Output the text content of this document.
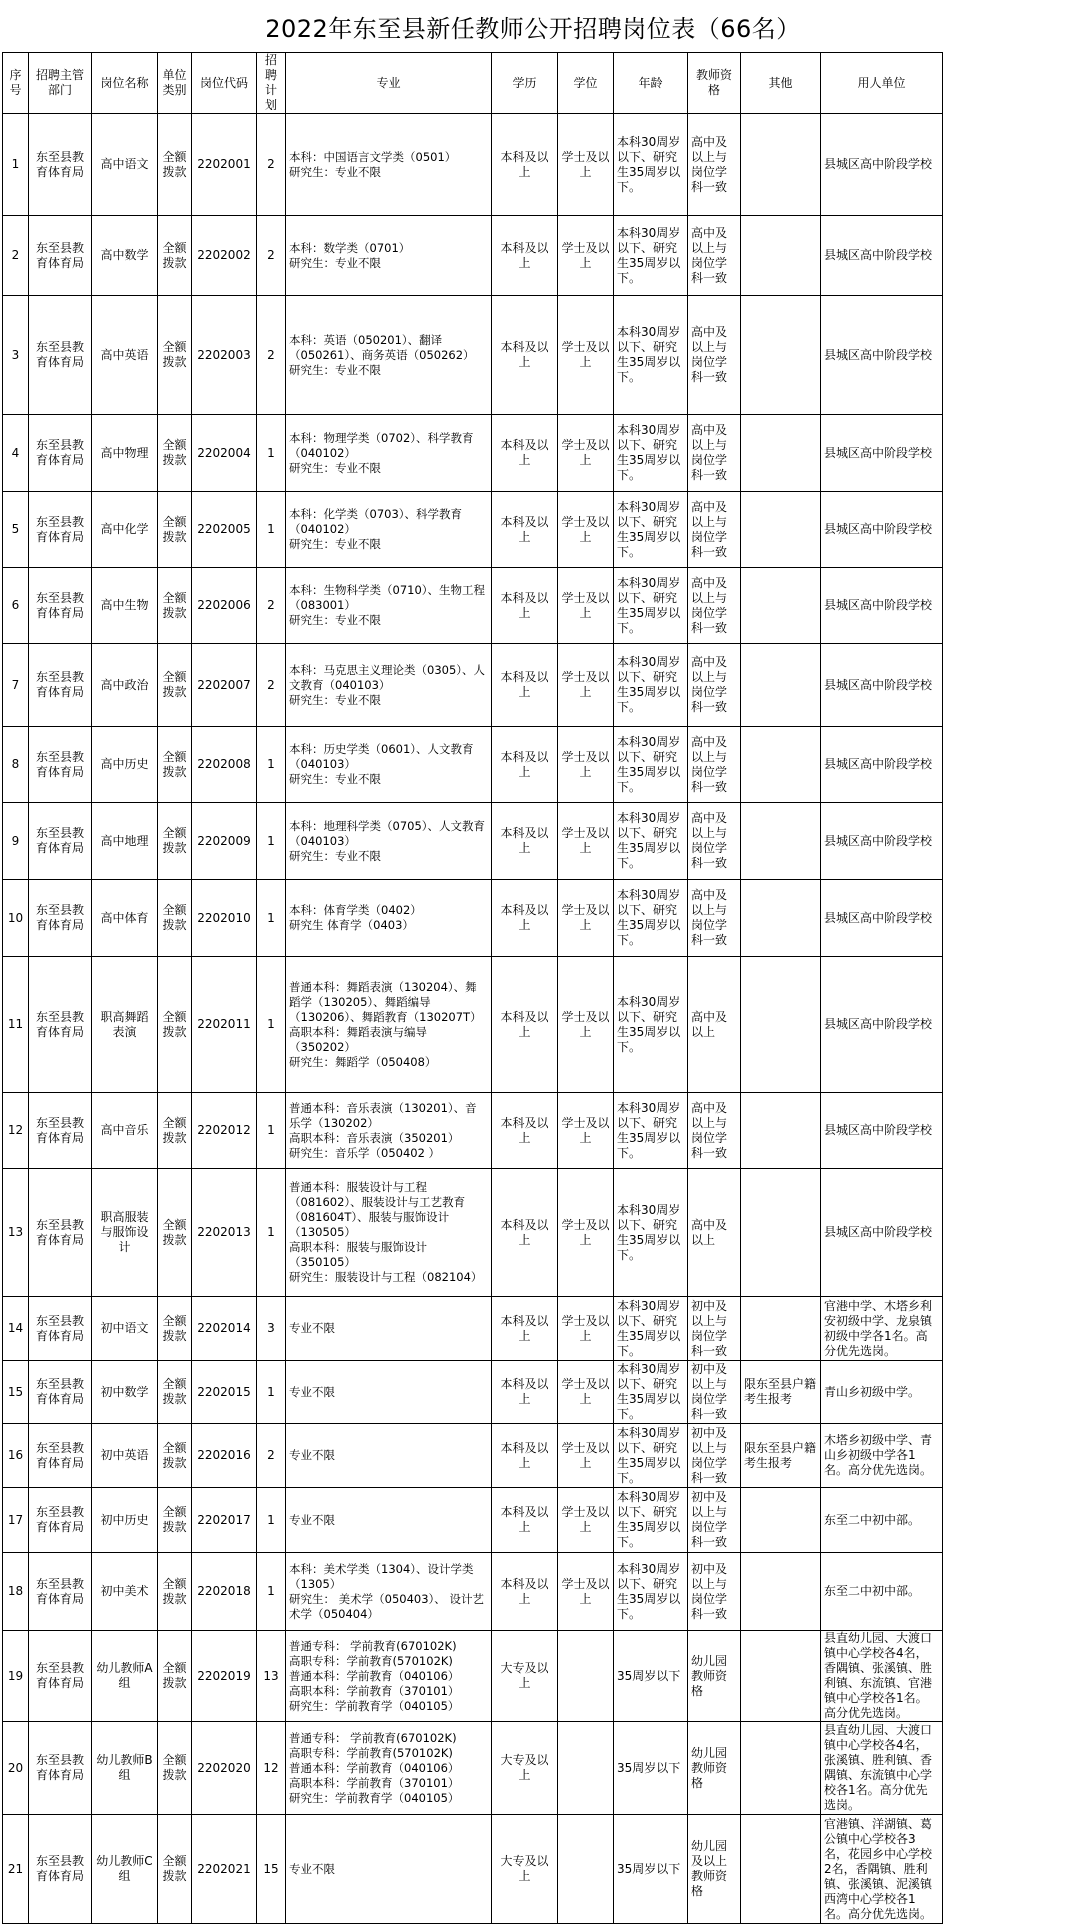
2022年东至县新任教师公开招聘岗位表（66名）
序号	招聘主管部门	岗位名称	单位类别	岗位代码	招聘计划	专业	学历	学位	年龄	教师资格	其他	用人单位
1	东至县教育体育局	高中语文	全额拨款	2202001	2	本科：中国语言文学类（0501）
研究生：专业不限	本科及以上	学士及以上	本科30周岁以下、研究生35周岁以下。	高中及以上与岗位学科一致		县城区高中阶段学校
2	东至县教育体育局	高中数学	全额拨款	2202002	2	本科：数学类（0701）
研究生：专业不限	本科及以上	学士及以上	本科30周岁以下、研究生35周岁以下。	高中及以上与岗位学科一致		县城区高中阶段学校
3	东至县教育体育局	高中英语	全额拨款	2202003	2	本科：英语（050201）、翻译（050261）、商务英语（050262）
研究生：专业不限	本科及以上	学士及以上	本科30周岁以下、研究生35周岁以下。	高中及以上与岗位学科一致		县城区高中阶段学校
4	东至县教育体育局	高中物理	全额拨款	2202004	1	本科：物理学类（0702）、科学教育（040102）
研究生：专业不限	本科及以上	学士及以上	本科30周岁以下、研究生35周岁以下。	高中及以上与岗位学科一致		县城区高中阶段学校
5	东至县教育体育局	高中化学	全额拨款	2202005	1	本科：化学类（0703）、科学教育（040102）
研究生：专业不限	本科及以上	学士及以上	本科30周岁以下、研究生35周岁以下。	高中及以上与岗位学科一致		县城区高中阶段学校
6	东至县教育体育局	高中生物	全额拨款	2202006	2	本科：生物科学类（0710）、生物工程（083001）
研究生：专业不限	本科及以上	学士及以上	本科30周岁以下、研究生35周岁以下。	高中及以上与岗位学科一致		县城区高中阶段学校
7	东至县教育体育局	高中政治	全额拨款	2202007	2	本科：马克思主义理论类（0305）、人文教育（040103）
研究生：专业不限	本科及以上	学士及以上	本科30周岁以下、研究生35周岁以下。	高中及以上与岗位学科一致		县城区高中阶段学校
8	东至县教育体育局	高中历史	全额拨款	2202008	1	本科：历史学类（0601）、人文教育（040103）
研究生：专业不限	本科及以上	学士及以上	本科30周岁以下、研究生35周岁以下。	高中及以上与岗位学科一致		县城区高中阶段学校
9	东至县教育体育局	高中地理	全额拨款	2202009	1	本科：地理科学类（0705）、人文教育（040103）
研究生：专业不限	本科及以上	学士及以上	本科30周岁以下、研究生35周岁以下。	高中及以上与岗位学科一致		县城区高中阶段学校
10	东至县教育体育局	高中体育	全额拨款	2202010	1	本科：体育学类（0402）
研究生 体育学（0403）	本科及以上	学士及以上	本科30周岁以下、研究生35周岁以下。	高中及以上与岗位学科一致		县城区高中阶段学校
11	东至县教育体育局	职高舞蹈表演	全额拨款	2202011	1	普通本科：舞蹈表演（130204）、舞蹈学（130205）、舞蹈编导（130206）、舞蹈教育（130207T）
高职本科：舞蹈表演与编导（350202）
研究生：舞蹈学（050408）	本科及以上	学士及以上	本科30周岁以下、研究生35周岁以下。	高中及以上		县城区高中阶段学校
12	东至县教育体育局	高中音乐	全额拨款	2202012	1	普通本科：音乐表演（130201）、音乐学（130202）
高职本科：音乐表演（350201）
研究生：音乐学（050402 ）	本科及以上	学士及以上	本科30周岁以下、研究生35周岁以下。	高中及以上与岗位学科一致		县城区高中阶段学校
13	东至县教育体育局	职高服装与服饰设计	全额拨款	2202013	1	普通本科：服装设计与工程（081602）、服装设计与工艺教育（081604T）、服装与服饰设计（130505）
高职本科：服装与服饰设计（350105）
研究生：服装设计与工程（082104）	本科及以上	学士及以上	本科30周岁以下、研究生35周岁以下。	高中及以上		县城区高中阶段学校
14	东至县教育体育局	初中语文	全额拨款	2202014	3	专业不限	本科及以上	学士及以上	本科30周岁以下、研究生35周岁以下。	初中及以上与岗位学科一致		官港中学、木塔乡利安初级中学、龙泉镇初级中学各1名。高分优先选岗。
15	东至县教育体育局	初中数学	全额拨款	2202015	1	专业不限	本科及以上	学士及以上	本科30周岁以下、研究生35周岁以下。	初中及以上与岗位学科一致	限东至县户籍考生报考	青山乡初级中学。
16	东至县教育体育局	初中英语	全额拨款	2202016	2	专业不限	本科及以上	学士及以上	本科30周岁以下、研究生35周岁以下。	初中及以上与岗位学科一致	限东至县户籍考生报考	木塔乡初级中学、青山乡初级中学各1名。高分优先选岗。
17	东至县教育体育局	初中历史	全额拨款	2202017	1	专业不限	本科及以上	学士及以上	本科30周岁以下、研究生35周岁以下。	初中及以上与岗位学科一致		东至二中初中部。
18	东至县教育体育局	初中美术	全额拨款	2202018	1	本科：美术学类（1304）、设计学类（1305）
研究生： 美术学（050403）、 设计艺术学（050404）	本科及以上	学士及以上	本科30周岁以下、研究生35周岁以下。	初中及以上与岗位学科一致		东至二中初中部。
19	东至县教育体育局	幼儿教师A组	全额拨款	2202019	13	普通专科： 学前教育(670102K)
高职专科：学前教育(570102K)
普通本科：学前教育（040106）
高职本科：学前教育（370101）
研究生：学前教育学（040105）	大专及以上		35周岁以下	幼儿园教师资格		县直幼儿园、大渡口镇中心学校各4名，香隅镇、张溪镇、胜利镇、东流镇、官港镇中心学校各1名。高分优先选岗。
20	东至县教育体育局	幼儿教师B组	全额拨款	2202020	12	普通专科： 学前教育(670102K)
高职专科：学前教育(570102K)
普通本科：学前教育（040106）
高职本科：学前教育（370101）
研究生：学前教育学（040105）	大专及以上		35周岁以下	幼儿园教师资格		县直幼儿园、大渡口镇中心学校各4名，张溪镇、胜利镇、香隅镇、东流镇中心学校各1名。高分优先选岗。
21	东至县教育体育局	幼儿教师C组	全额拨款	2202021	15	专业不限	大专及以上		35周岁以下	幼儿园及以上教师资格		官港镇、洋湖镇、葛公镇中心学校各3名，花园乡中心学校2名，香隅镇、胜利镇、张溪镇、泥溪镇西湾中心学校各1名。高分优先选岗。
